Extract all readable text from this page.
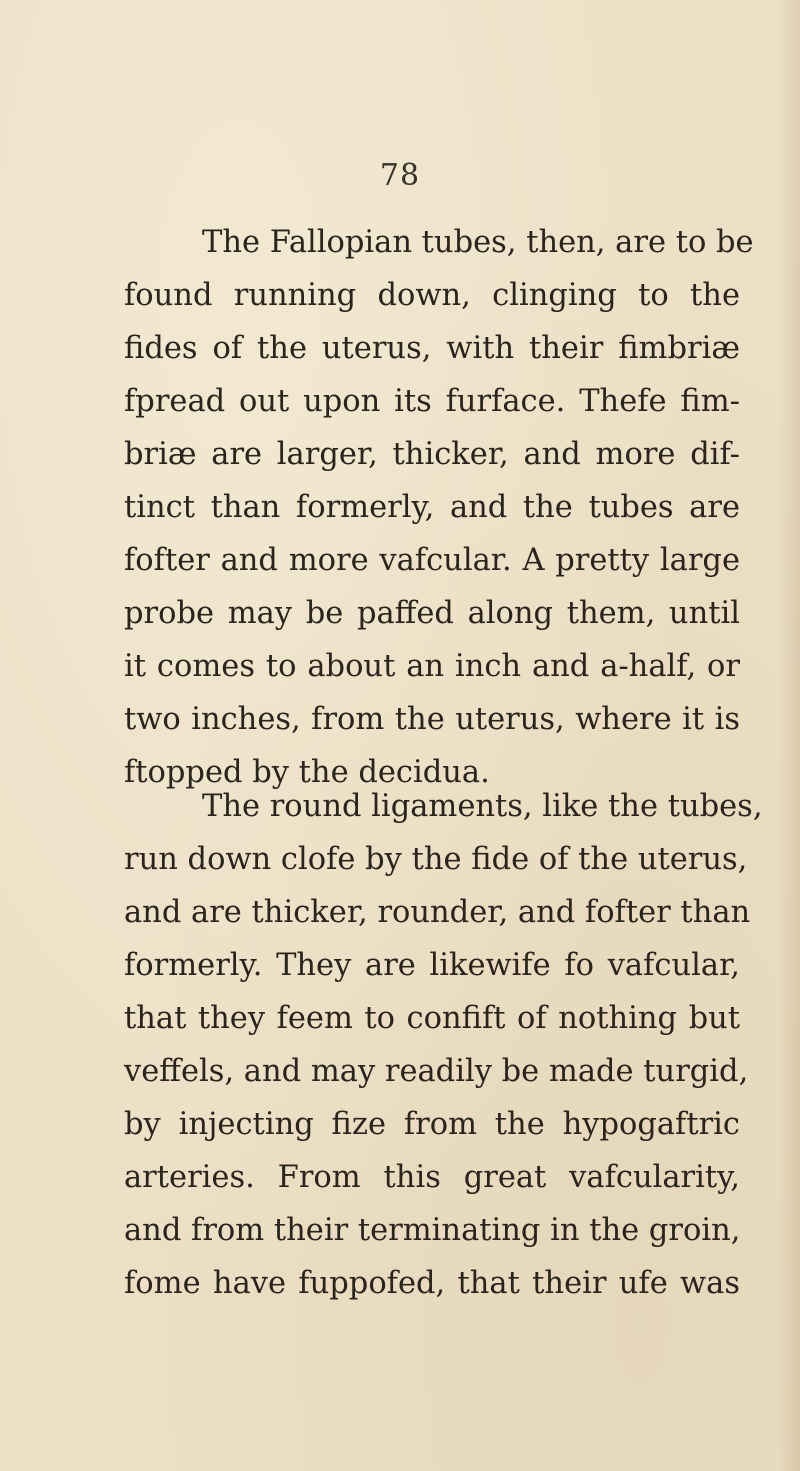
78
The Fallopian tubes, then, are to be
found running down, clinging to the
fides of the uterus, with their fimbriæ
fpread out upon its furface. Thefe fim-
briæ are larger, thicker, and more dif-
tinct than formerly, and the tubes are
fofter and more vafcular. A pretty large
probe may be paffed along them, until
it comes to about an inch and a-half, or
two inches, from the uterus, where it is
ftopped by the decidua.
The round ligaments, like the tubes,
run down clofe by the fide of the uterus,
and are thicker, rounder, and fofter than
formerly. They are likewife fo vafcular,
that they feem to confift of nothing but
veffels, and may readily be made turgid,
by injecting fize from the hypogaftric
arteries. From this great vafcularity,
and from their terminating in the groin,
fome have fuppofed, that their ufe was
